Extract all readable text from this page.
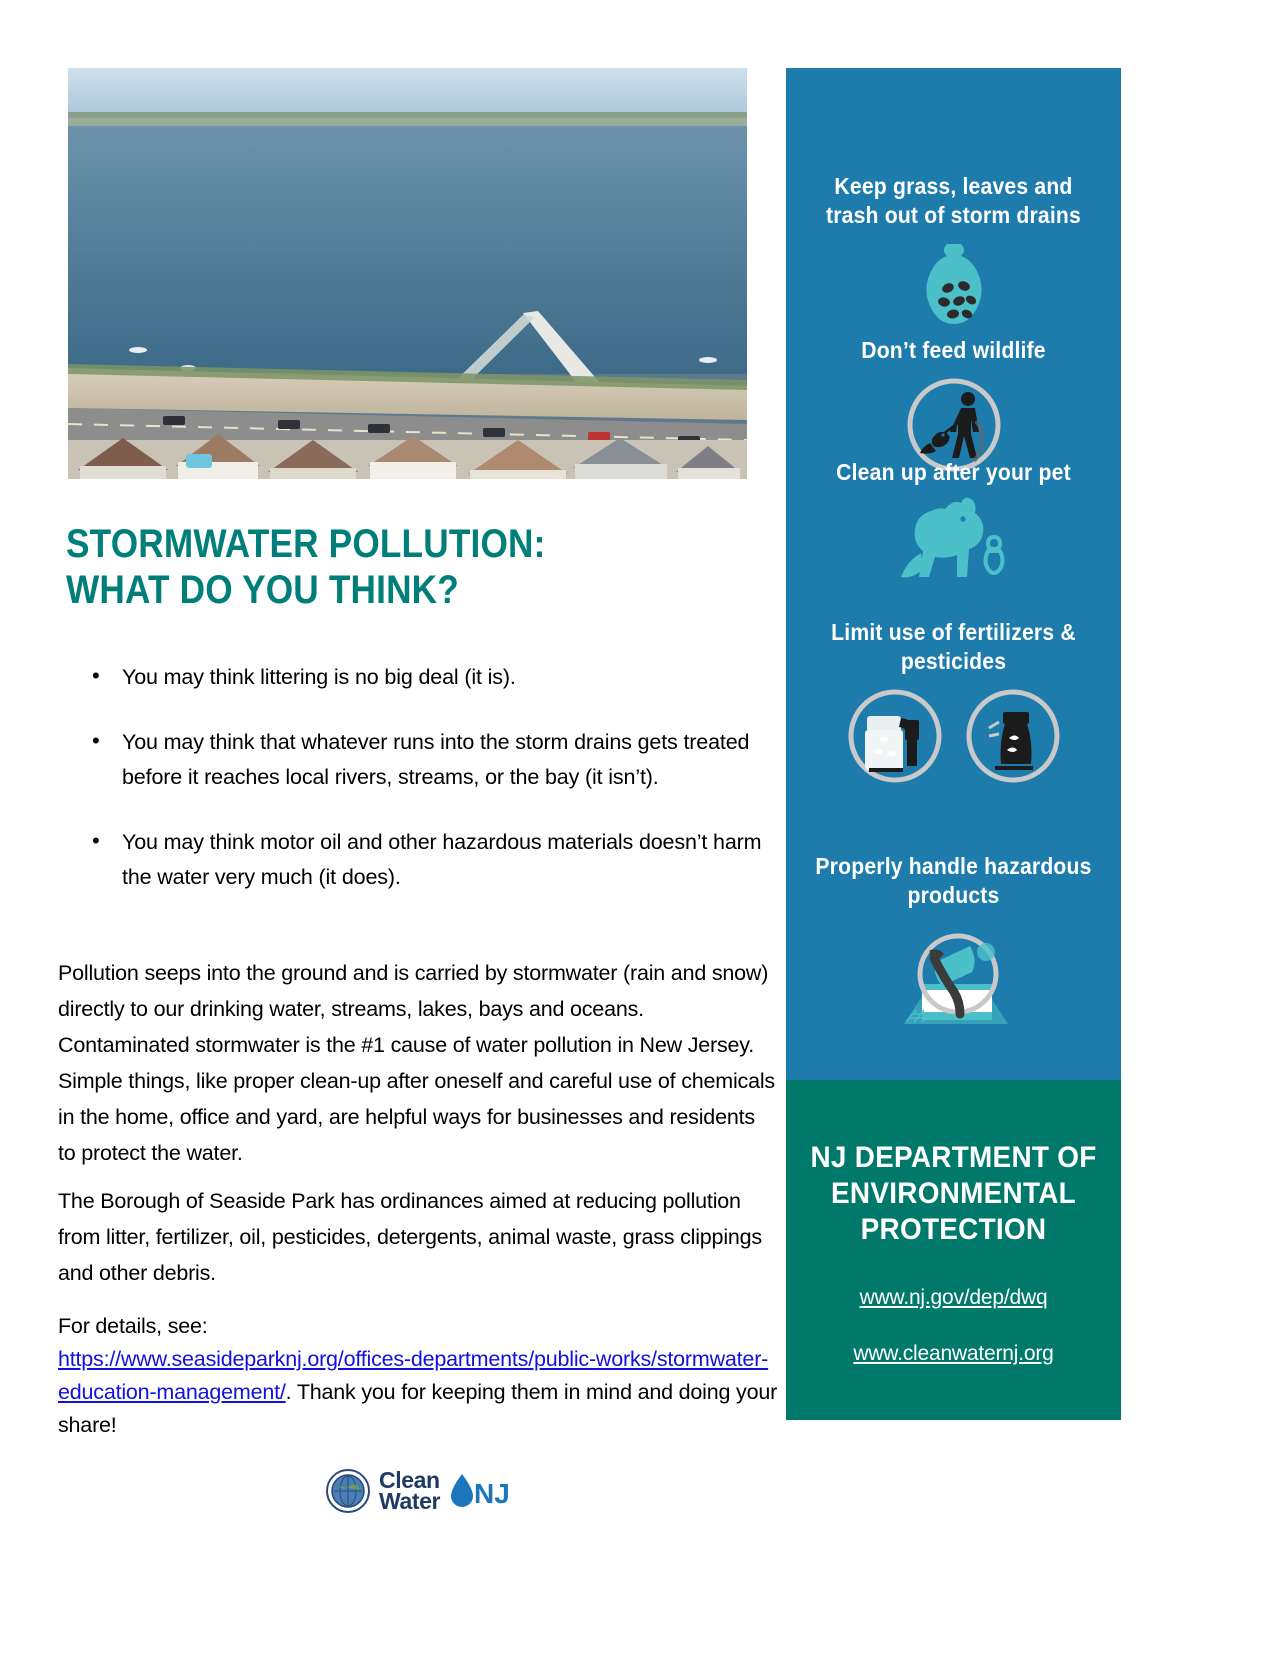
STORMWATER POLLUTION:
WHAT DO YOU THINK?
• You may think littering is no big deal (it is).
• You may think that whatever runs into the storm drains gets treated before it reaches local rivers, streams, or the bay (it isn’t).
• You may think motor oil and other hazardous materials doesn’t harm the water very much (it does).

Pollution seeps into the ground and is carried by stormwater (rain and snow) directly to our drinking water, streams, lakes, bays and oceans. Contaminated stormwater is the #1 cause of water pollution in New Jersey. Simple things, like proper clean-up after oneself and careful use of chemicals in the home, office and yard, are helpful ways for businesses and residents to protect the water.

The Borough of Seaside Park has ordinances aimed at reducing pollution from litter, fertilizer, oil, pesticides, detergents, animal waste, grass clippings and other debris.

For details, see:
https://www.seasideparknj.org/offices-departments/public-works/stormwater-education-management/. Thank you for keeping them in mind and doing your share!

Clean
Water NJ
Keep grass, leaves and trash out of storm drains
Don’t feed wildlife
Clean up after your pet
Limit use of fertilizers & pesticides
Properly handle hazardous products
NJ DEPARTMENT OF
ENVIRONMENTAL
PROTECTION
www.nj.gov/dep/dwq
www.cleanwaternj.org
